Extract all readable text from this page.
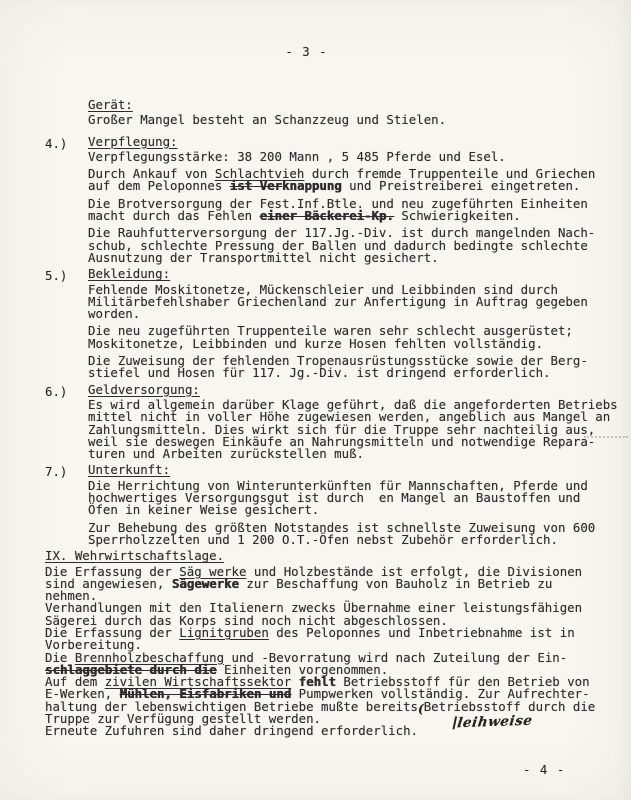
- 3 -
Gerät:
Großer Mangel besteht an Schanzzeug und Stielen.
4.) Verpflegung:
Verpflegungsstärke: 38 200 Mann , 5 485 Pferde und Esel.
Durch Ankauf von Schlachtvieh durch fremde Truppenteile und Griechen
auf dem Peloponnes ist Verknappung und Preistreiberei eingetreten.
Die Brotversorgung der Fest.Inf.Btle. und neu zugeführten Einheiten
macht durch das Fehlen einer Bäckerei-Kp. Schwierigkeiten.
Die Rauhfutterversorgung der 117.Jg.-Div. ist durch mangelnden Nach-
schub, schlechte Pressung der Ballen und dadurch bedingte schlechte
Ausnutzung der Transportmittel nicht gesichert.
5.) Bekleidung:
Fehlende Moskitonetze, Mückenschleier und Leibbinden sind durch
Militärbefehlshaber Griechenland zur Anfertigung in Auftrag gegeben
worden.
Die neu zugeführten Truppenteile waren sehr schlecht ausgerüstet;
Moskitonetze, Leibbinden und kurze Hosen fehlten vollständig.
Die Zuweisung der fehlenden Tropenausrüstungsstücke sowie der Berg-
stiefel und Hosen für 117. Jg.-Div. ist dringend erforderlich.
6.) Geldversorgung:
Es wird allgemein darüber Klage geführt, daß die angeforderten Betriebs
mittel nicht in voller Höhe zugewiesen werden, angeblich aus Mangel an
Zahlungsmitteln. Dies wirkt sich für die Truppe sehr nachteilig aus,
weil sie deswegen Einkäufe an Nahrungsmitteln und notwendige Repara-
turen und Arbeiten zurückstellen muß.
7.) Unterkunft:
Die Herrichtung von Winterunterkünften für Mannschaften, Pferde und
hochwertiges Versorgungsgut ist durch  en Mangel an Baustoffen und
Öfen in keiner Weise gesichert.
Zur Behebung des größten Notstandes ist schnellste Zuweisung von 600
Sperrholzzelten und 1 200 O.T.-Öfen nebst Zubehör erforderlich.
IX. Wehrwirtschaftslage.
Die Erfassung der Säg werke und Holzbestände ist erfolgt, die Divisionen
sind angewiesen, Sägewerke zur Beschaffung von Bauholz in Betrieb zu
nehmen.
Verhandlungen mit den Italienern zwecks Übernahme einer leistungsfähigen
Sägerei durch das Korps sind noch nicht abgeschlossen.
Die Erfassung der Lignitgruben des Peloponnes und Inbetriebnahme ist in
Vorbereitung.
Die Brennholzbeschaffung und -Bevorratung wird nach Zuteilung der Ein-
schlaggebiete durch die Einheiten vorgenommen.
Auf dem zivilen Wirtschaftssektor fehlt Betriebsstoff für den Betrieb von
E-Werken, Mühlen, Eisfabriken und Pumpwerken vollständig. Zur Aufrechter-
haltung der lebenswichtigen Betriebe mußte bereits(Betriebsstoff durch die
Truppe zur Verfügung gestellt werden.
Erneute Zufuhren sind daher dringend erforderlich.	leihweise
- 4 -
